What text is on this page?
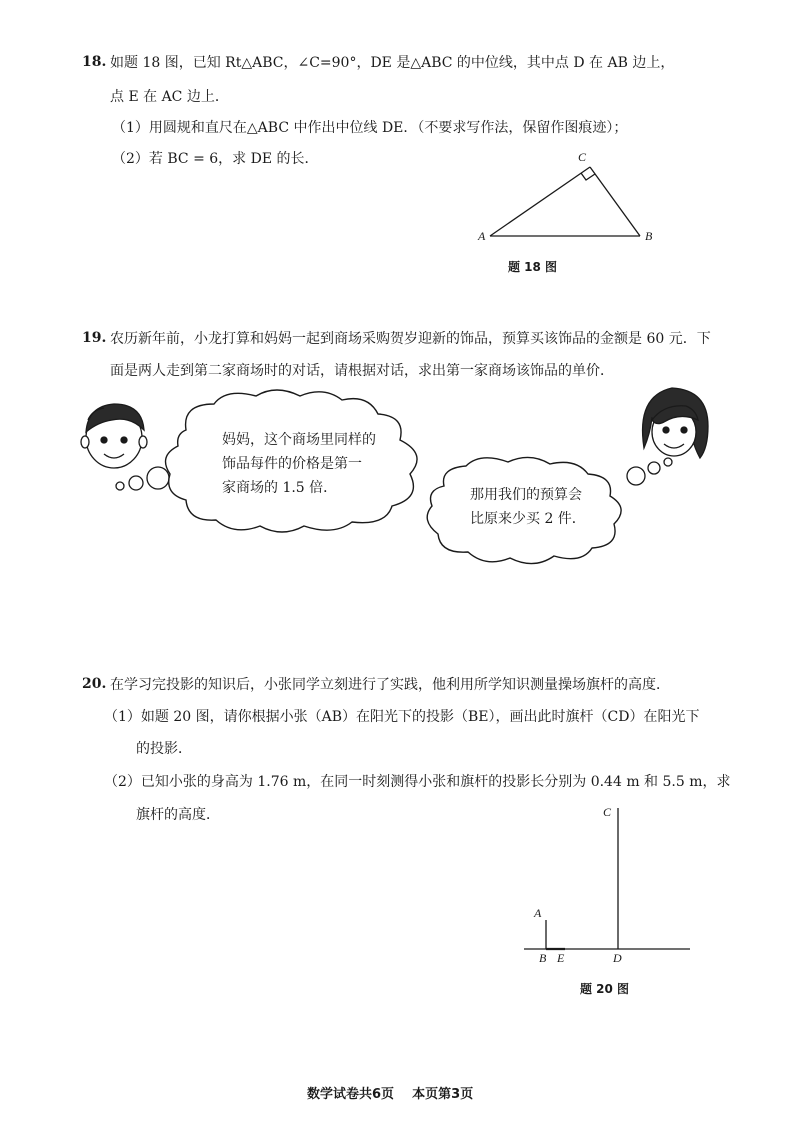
18. 如题 18 图，已知 Rt△ABC，∠C=90°，DE 是△ABC 的中位线，其中点 D 在 AB 边上，
点 E 在 AC 边上．
（1）用圆规和直尺在△ABC 中作出中位线 DE．（不要求写作法，保留作图痕迹）；
（2）若 BC = 6，求 DE 的长．
A	B
C
题 18 图
19. 农历新年前，小龙打算和妈妈一起到商场采购贺岁迎新的饰品，预算买该饰品的金额是 60 元．下
面是两人走到第二家商场时的对话，请根据对话，求出第一家商场该饰品的单价．
妈妈，这个商场里同样的
饰品每件的价格是第一
家商场的 1.5 倍．	那用我们的预算会
比原来少买 2 件．
20. 在学习完投影的知识后，小张同学立刻进行了实践，他利用所学知识测量操场旗杆的高度．
（1）如题 20 图，请你根据小张（AB）在阳光下的投影（BE），画出此时旗杆（CD）在阳光下
的投影．
（2）已知小张的身高为 1.76 m，在同一时刻测得小张和旗杆的投影长分别为 0.44 m 和 5.5 m，求
旗杆的高度．
A
B E
C
D
题 20 图
数学试卷共6页    本页第3页
